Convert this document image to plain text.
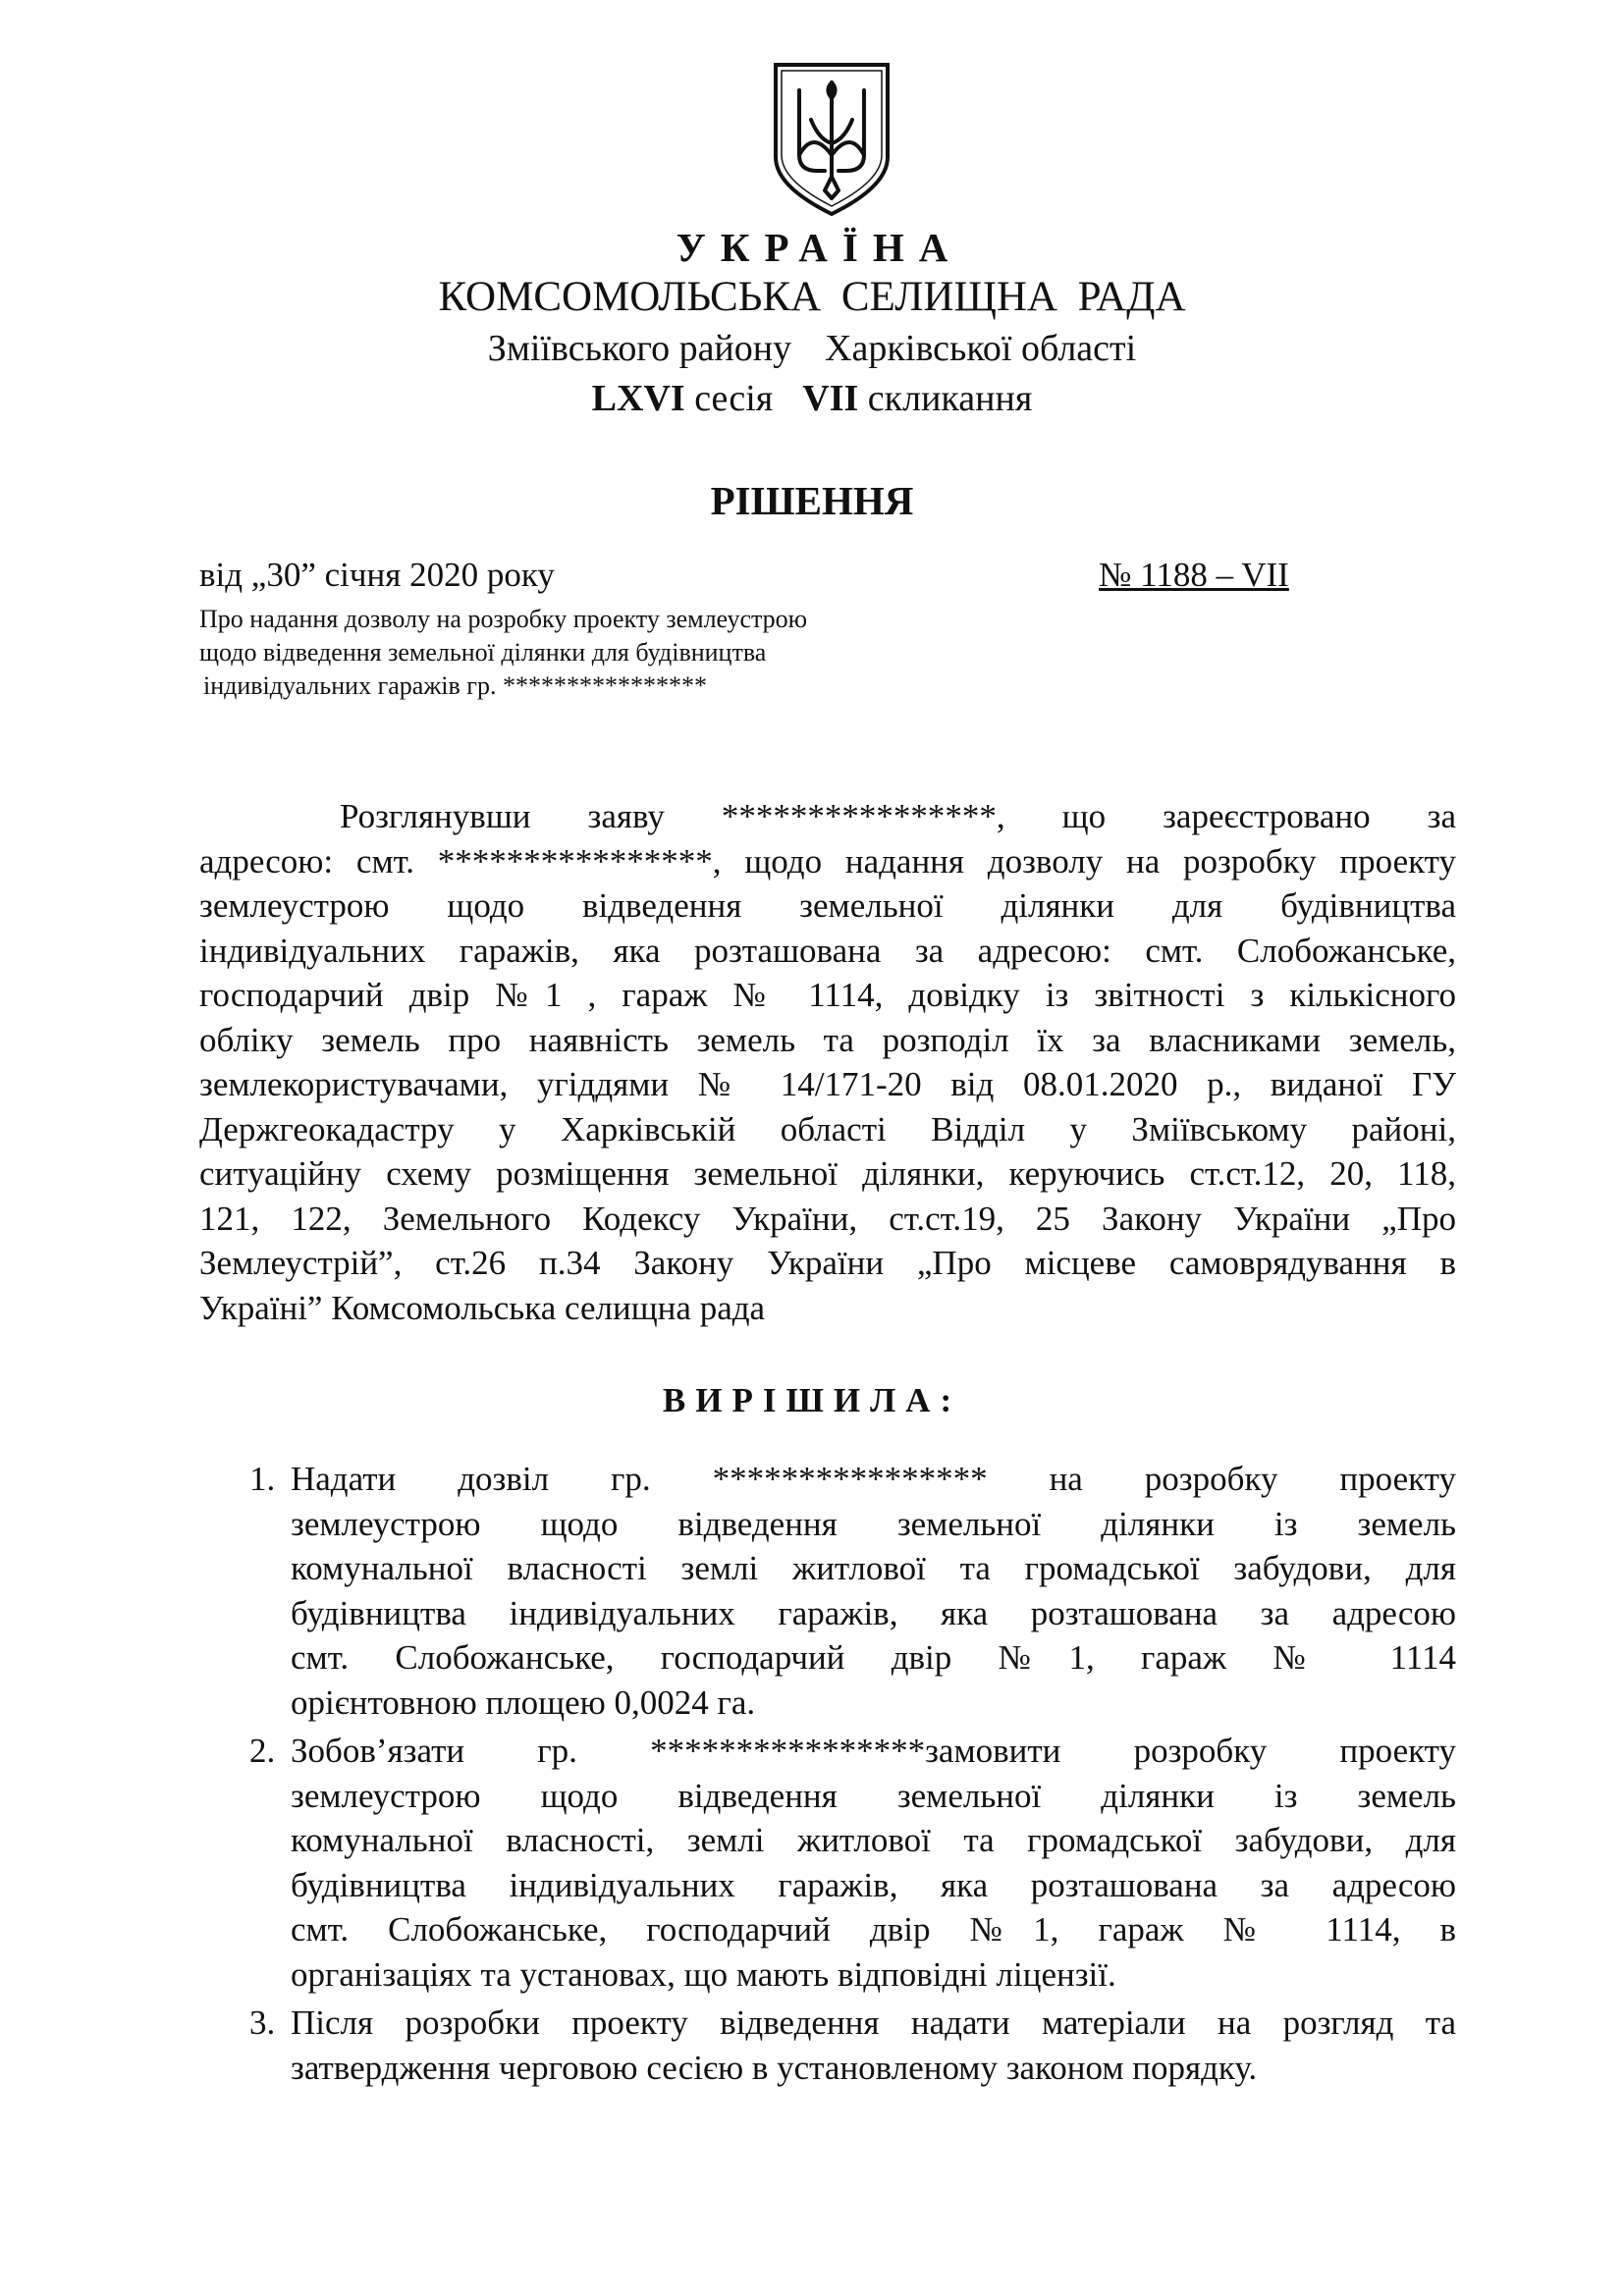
УКРАЇНА
КОМСОМОЛЬСЬКА СЕЛИЩНА РАДА
Зміївського району Харківської області
LXVI сесія VII скликання
РІШЕННЯ
від „30” січня 2020 року	№ 1188 – VII
Про надання дозволу на розробку проекту землеустрою
щодо відведення земельної ділянки для будівництва
індивідуальних гаражів гр. ****************
Розглянувши заяву ****************, що зареєстровано за
адресою: смт. ****************, щодо надання дозволу на розробку проекту
землеустрою щодо відведення земельної ділянки для будівництва
індивідуальних гаражів, яка розташована за адресою: смт. Слобожанське,
господарчий двір №1 , гараж № 1114, довідку із звітності з кількісного
обліку земель про наявність земель та розподіл їх за власниками земель,
землекористувачами, угіддями № 14/171-20 від 08.01.2020 р., виданої ГУ
Держгеокадастру у Харківській області Відділ у Зміївському районі,
ситуаційну схему розміщення земельної ділянки, керуючись ст.ст.12, 20, 118,
121, 122, Земельного Кодексу України, ст.ст.19, 25 Закону України „Про
Землеустрій”, ст.26 п.34 Закону України „Про місцеве самоврядування в
Україні” Комсомольська селищна рада
ВИРІШИЛА:
1. Надати дозвіл гр. **************** на розробку проекту
землеустрою щодо відведення земельної ділянки із земель
комунальної власності землі житлової та громадської забудови, для
будівництва індивідуальних гаражів, яка розташована за адресою
смт. Слобожанське, господарчий двір №1, гараж № 1114
орієнтовною площею 0,0024 га.
2. Зобов’язати гр. ****************замовити розробку проекту
землеустрою щодо відведення земельної ділянки із земель
комунальної власності, землі житлової та громадської забудови, для
будівництва індивідуальних гаражів, яка розташована за адресою
смт. Слобожанське, господарчий двір №1, гараж № 1114, в
організаціях та установах, що мають відповідні ліцензії.
3. Після розробки проекту відведення надати матеріали на розгляд та
затвердження черговою сесією в установленому законом порядку.
